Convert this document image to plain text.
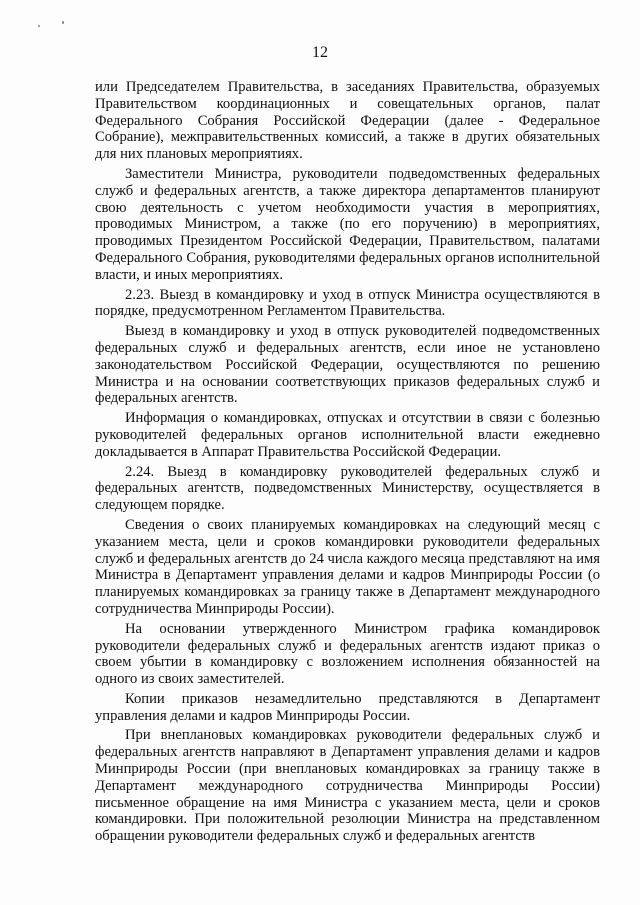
12

или Председателем Правительства, в заседаниях Правительства, образуемых Правительством координационных и совещательных органов, палат Федерального Собрания Российской Федерации (далее - Федеральное Собрание), межправительственных комиссий, а также в других обязательных для них плановых мероприятиях.

Заместители Министра, руководители подведомственных федеральных служб и федеральных агентств, а также директора департаментов планируют свою деятельность с учетом необходимости участия в мероприятиях, проводимых Министром, а также (по его поручению) в мероприятиях, проводимых Президентом Российской Федерации, Правительством, палатами Федерального Собрания, руководителями федеральных органов исполнительной власти, и иных мероприятиях.

2.23. Выезд в командировку и уход в отпуск Министра осуществляются в порядке, предусмотренном Регламентом Правительства.

Выезд в командировку и уход в отпуск руководителей подведомственных федеральных служб и федеральных агентств, если иное не установлено законодательством Российской Федерации, осуществляются по решению Министра и на основании соответствующих приказов федеральных служб и федеральных агентств.

Информация о командировках, отпусках и отсутствии в связи с болезнью руководителей федеральных органов исполнительной власти ежедневно докладывается в Аппарат Правительства Российской Федерации.

2.24. Выезд в командировку руководителей федеральных служб и федеральных агентств, подведомственных Министерству, осуществляется в следующем порядке.

Сведения о своих планируемых командировках на следующий месяц с указанием места, цели и сроков командировки руководители федеральных служб и федеральных агентств до 24 числа каждого месяца представляют на имя Министра в Департамент управления делами и кадров Минприроды России (о планируемых командировках за границу также в Департамент международного сотрудничества Минприроды России).

На основании утвержденного Министром графика командировок руководители федеральных служб и федеральных агентств издают приказ о своем убытии в командировку с возложением исполнения обязанностей на одного из своих заместителей.

Копии приказов незамедлительно представляются в Департамент управления делами и кадров Минприроды России.

При внеплановых командировках руководители федеральных служб и федеральных агентств направляют в Департамент управления делами и кадров Минприроды России (при внеплановых командировках за границу также в Департамент международного сотрудничества Минприроды России) письменное обращение на имя Министра с указанием места, цели и сроков командировки. При положительной резолюции Министра на представленном обращении руководители федеральных служб и федеральных агентств
